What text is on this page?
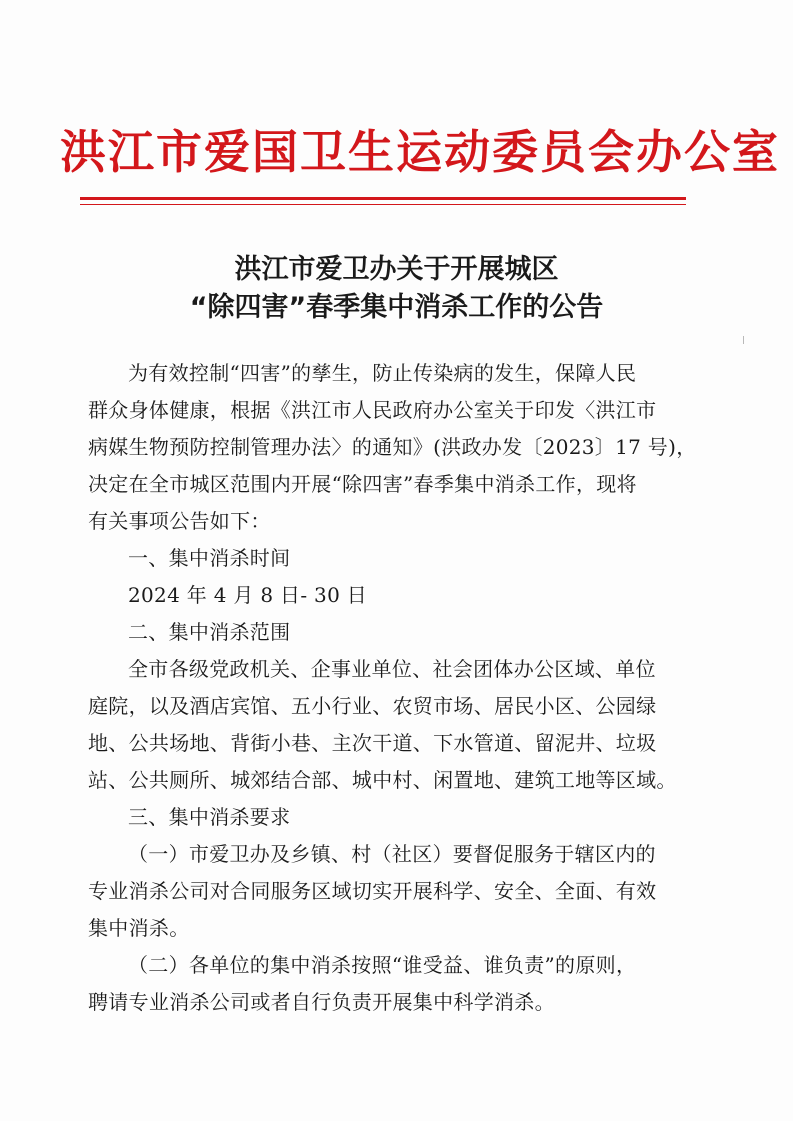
洪江市爱国卫生运动委员会办公室
洪江市爱卫办关于开展城区
“除四害”春季集中消杀工作的公告
为有效控制“四害”的孳生，防止传染病的发生，保障人民
群众身体健康，根据《洪江市人民政府办公室关于印发〈洪江市
病媒生物预防控制管理办法〉的通知》(洪政办发〔2023〕17 号)，
决定在全市城区范围内开展“除四害”春季集中消杀工作，现将
有关事项公告如下：

一、集中消杀时间

2024 年 4 月 8 日- 30 日

二、集中消杀范围

全市各级党政机关、企事业单位、社会团体办公区域、单位
庭院，以及酒店宾馆、五小行业、农贸市场、居民小区、公园绿
地、公共场地、背街小巷、主次干道、下水管道、留泥井、垃圾
站、公共厕所、城郊结合部、城中村、闲置地、建筑工地等区域。

三、集中消杀要求

（一）市爱卫办及乡镇、村（社区）要督促服务于辖区内的
专业消杀公司对合同服务区域切实开展科学、安全、全面、有效
集中消杀。
（二）各单位的集中消杀按照“谁受益、谁负责”的原则，
聘请专业消杀公司或者自行负责开展集中科学消杀。
